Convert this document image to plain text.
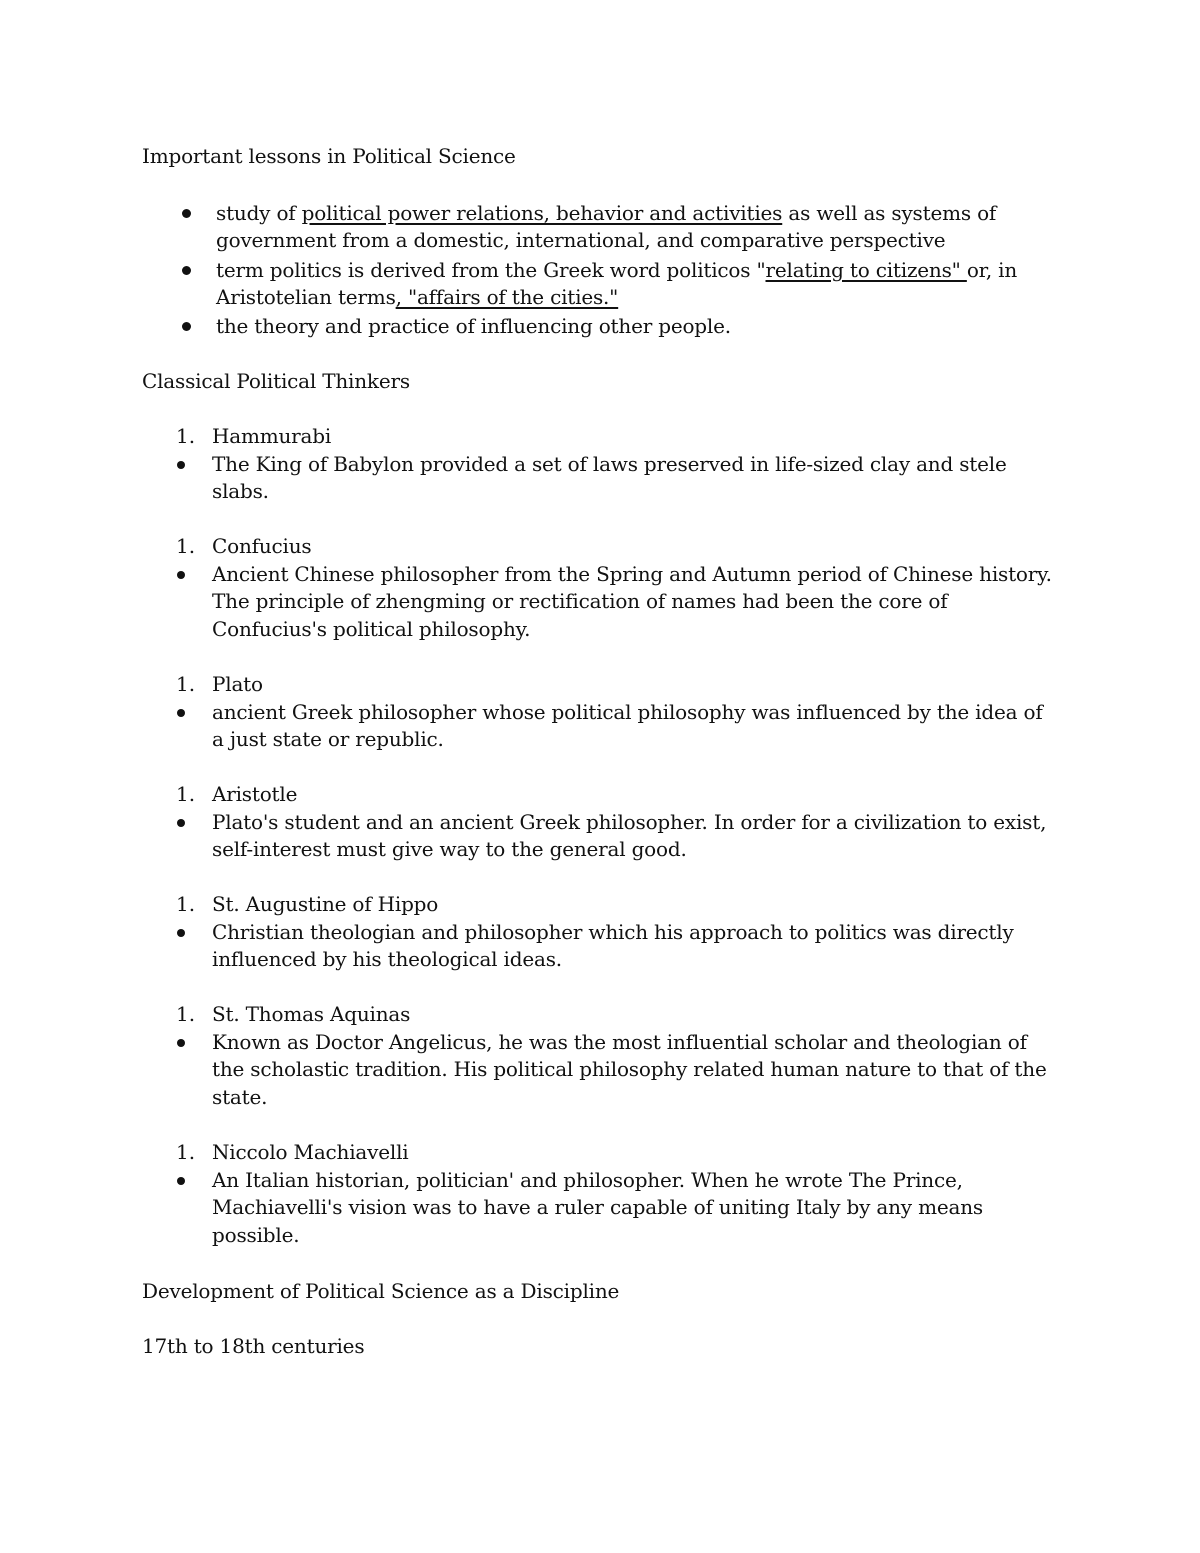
Important lessons in Political Science
study of political power relations, behavior and activities as well as systems of
government from a domestic, international, and comparative perspective
term politics is derived from the Greek word politicos "relating to citizens" or, in
Aristotelian terms, "affairs of the cities."
the theory and practice of influencing other people.
Classical Political Thinkers
1. Hammurabi
The King of Babylon provided a set of laws preserved in life-sized clay and stele
slabs.
1. Confucius
Ancient Chinese philosopher from the Spring and Autumn period of Chinese history.
The principle of zhengming or rectification of names had been the core of
Confucius's political philosophy.
1. Plato
ancient Greek philosopher whose political philosophy was influenced by the idea of
a just state or republic.
1. Aristotle
Plato's student and an ancient Greek philosopher. In order for a civilization to exist,
self-interest must give way to the general good.
1. St. Augustine of Hippo
Christian theologian and philosopher which his approach to politics was directly
influenced by his theological ideas.
1. St. Thomas Aquinas
Known as Doctor Angelicus, he was the most influential scholar and theologian of
the scholastic tradition. His political philosophy related human nature to that of the
state.
1. Niccolo Machiavelli
An Italian historian, politician' and philosopher. When he wrote The Prince,
Machiavelli's vision was to have a ruler capable of uniting Italy by any means
possible.
Development of Political Science as a Discipline
17th to 18th centuries
